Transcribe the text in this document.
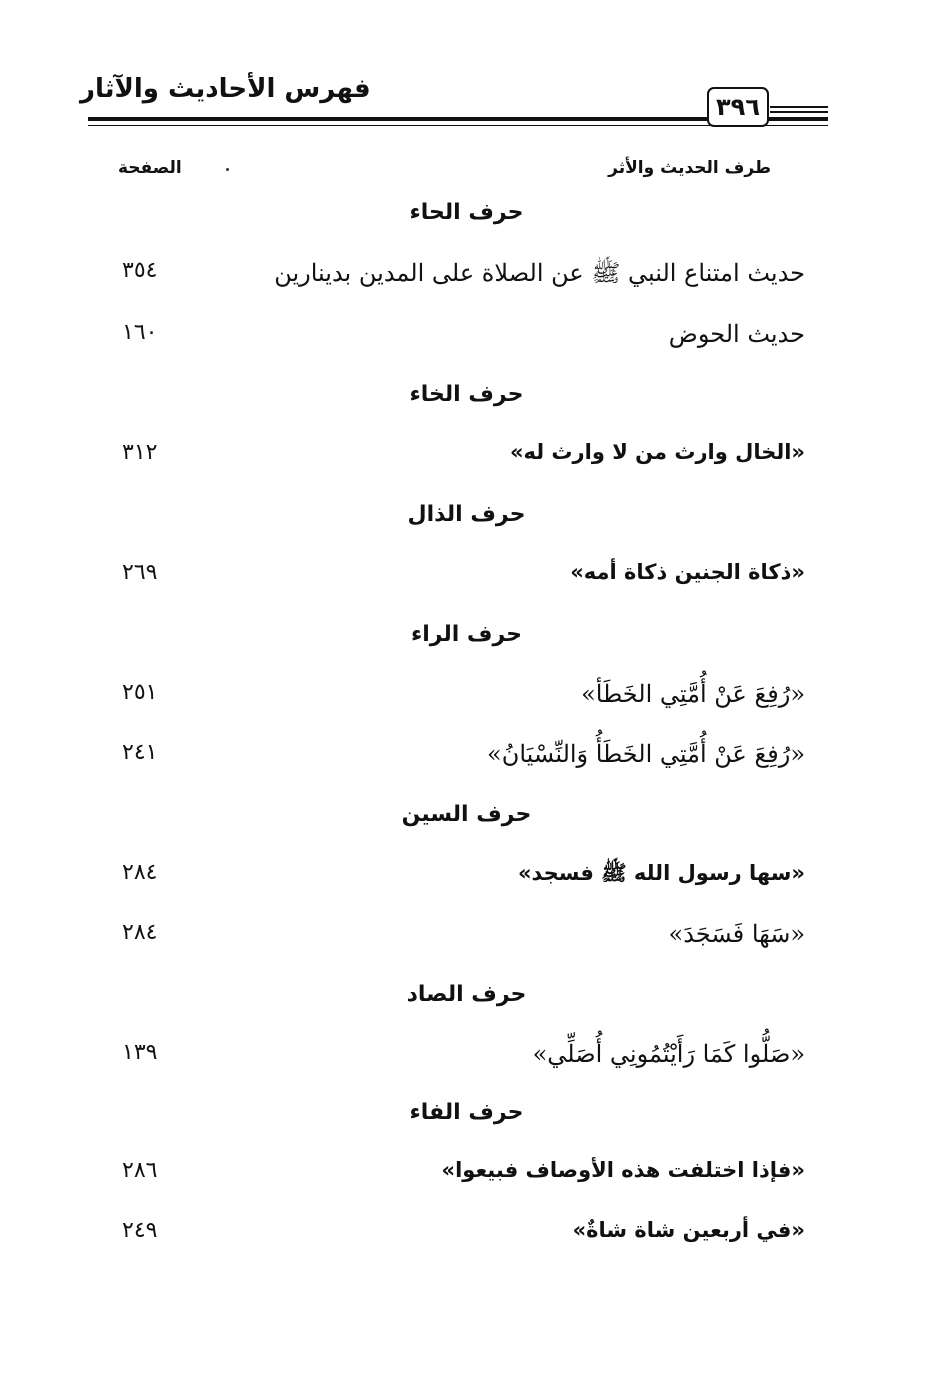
فهرس الأحاديث والآثار
٣٩٦
طرف الحديث والأثر
الصفحة
حرف الحاء
حديث امتناع النبي ﷺ عن الصلاة على المدين بدينارين
٣٥٤
حديث الحوض
١٦٠
حرف الخاء
«الخال وارث من لا وارث له»
٣١٢
حرف الذال
«ذكاة الجنين ذكاة أمه»
٢٦٩
حرف الراء
«رُفِعَ عَنْ أُمَّتِي الخَطَأ»
٢٥١
«رُفِعَ عَنْ أُمَّتِي الخَطَأُ وَالنِّسْيَانُ»
٢٤١
حرف السين
«سها رسول الله ﷺ فسجد»
٢٨٤
«سَهَا فَسَجَدَ»
٢٨٤
حرف الصاد
«صَلُّوا كَمَا رَأَيْتُمُونِي أُصَلِّي»
١٣٩
حرف الفاء
«فإذا اختلفت هذه الأوصاف فبيعوا»
٢٨٦
«في أربعين شاة شاةٌ»
٢٤٩
